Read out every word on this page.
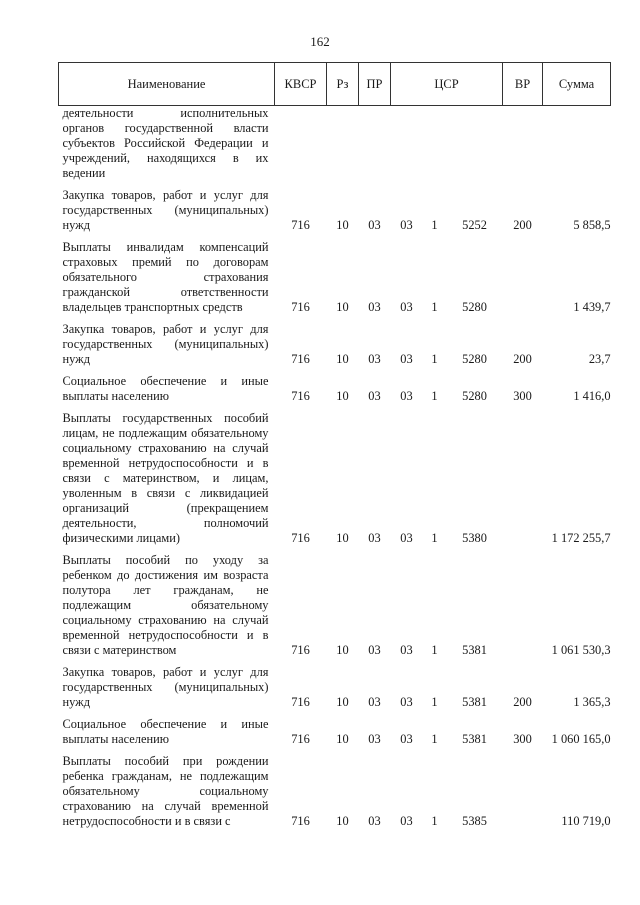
162
Наименование	КВСР	Рз	ПР	ЦСР			ВР	Сумма
деятельности исполнительных органов государственной власти субъектов Российской Федерации и учреждений, находящихся в их ведении								
Закупка товаров, работ и услуг для государственных (муниципальных) нужд	716	10	03	03	1	5252	200	5 858,5
Выплаты инвалидам компенсаций страховых премий по договорам обязательного страхования гражданской ответственности владельцев транспортных средств	716	10	03	03	1	5280		1 439,7
Закупка товаров, работ и услуг для государственных (муниципальных) нужд	716	10	03	03	1	5280	200	23,7
Социальное обеспечение и иные выплаты населению	716	10	03	03	1	5280	300	1 416,0
Выплаты государственных пособий лицам, не подлежащим обязательному социальному страхованию на случай временной нетрудоспособности и в связи с материнством, и лицам, уволенным в связи с ликвидацией организаций (прекращением деятельности, полномочий физическими лицами)	716	10	03	03	1	5380		1 172 255,7
Выплаты пособий по уходу за ребенком до достижения им возраста полутора лет гражданам, не подлежащим обязательному социальному страхованию на случай временной нетрудоспособности и в связи с материнством	716	10	03	03	1	5381		1 061 530,3
Закупка товаров, работ и услуг для государственных (муниципальных) нужд	716	10	03	03	1	5381	200	1 365,3
Социальное обеспечение и иные выплаты населению	716	10	03	03	1	5381	300	1 060 165,0
Выплаты пособий при рождении ребенка гражданам, не подлежащим обязательному социальному страхованию на случай временной нетрудоспособности и в связи с	716	10	03	03	1	5385		110 719,0
